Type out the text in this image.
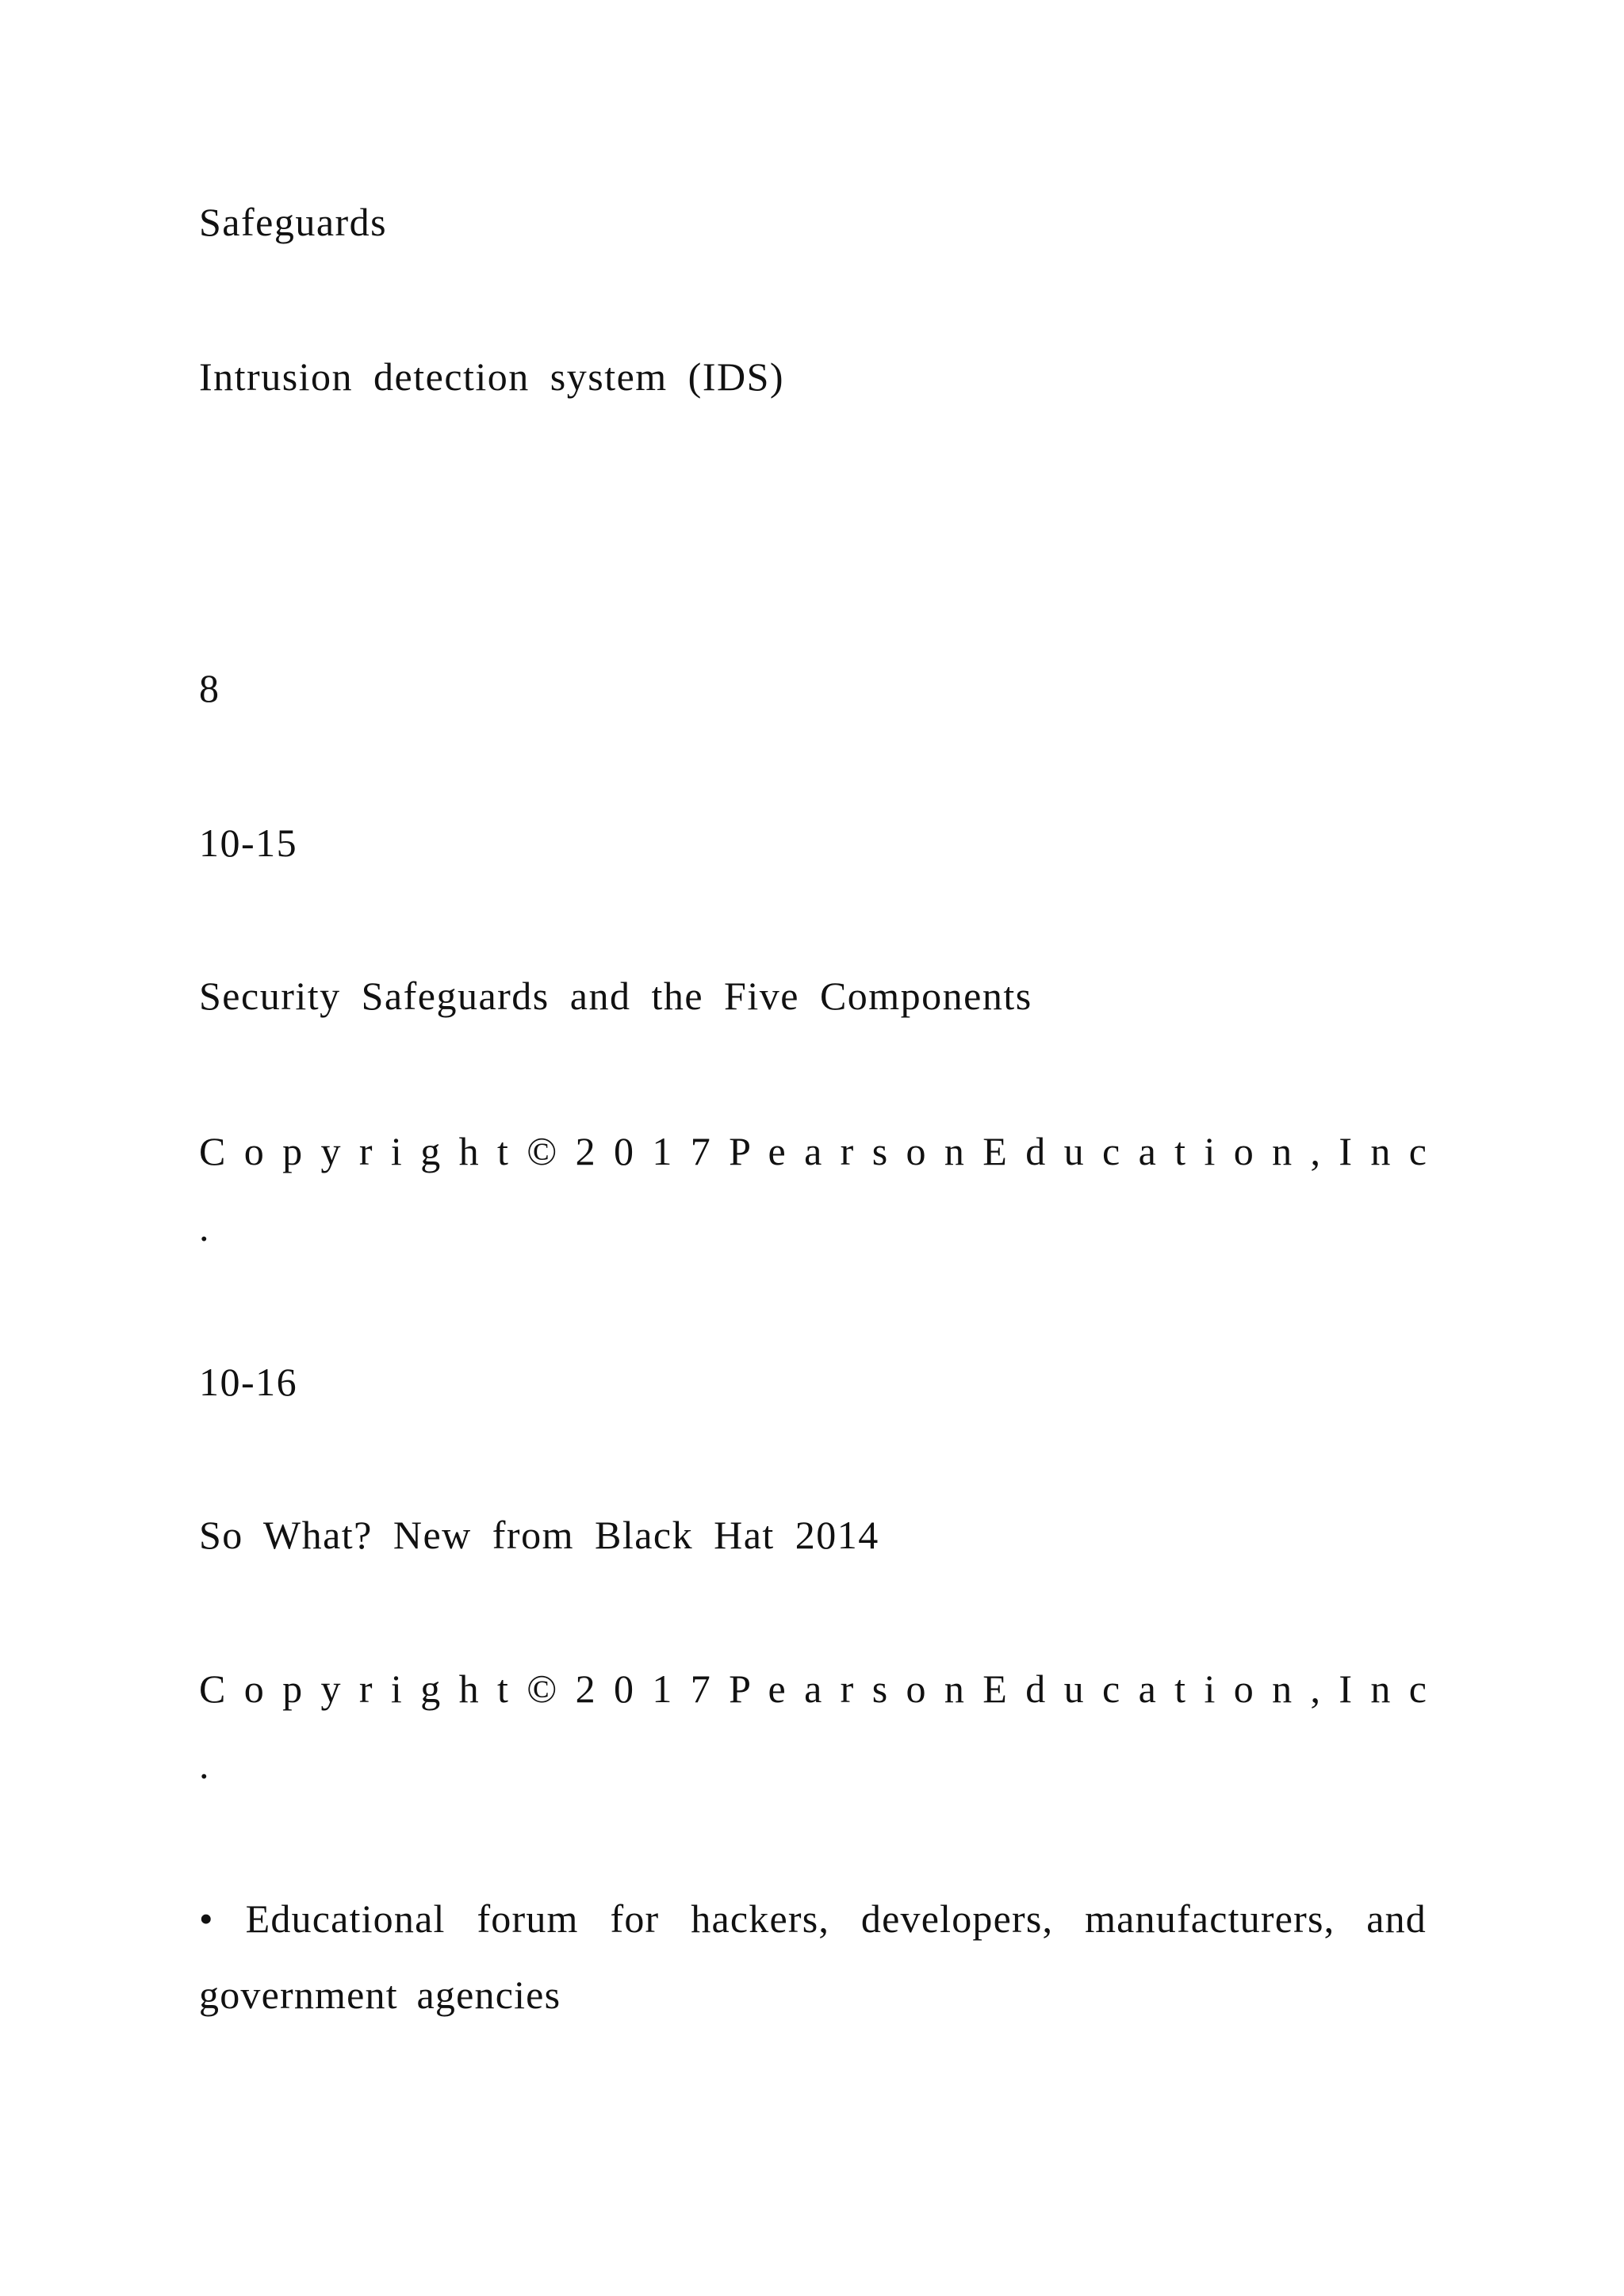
Safeguards
Intrusion detection system (IDS)
8
10-15
Security Safeguards and the Five Components
C o p y r i g h t © 2 0 1 7 P e a r s o n E d u c a t i o n , I n c
.
10-16
So What? New from Black Hat 2014
C o p y r i g h t © 2 0 1 7 P e a r s o n E d u c a t i o n , I n c
.
• Educational forum for hackers, developers, manufacturers, and government agencies
